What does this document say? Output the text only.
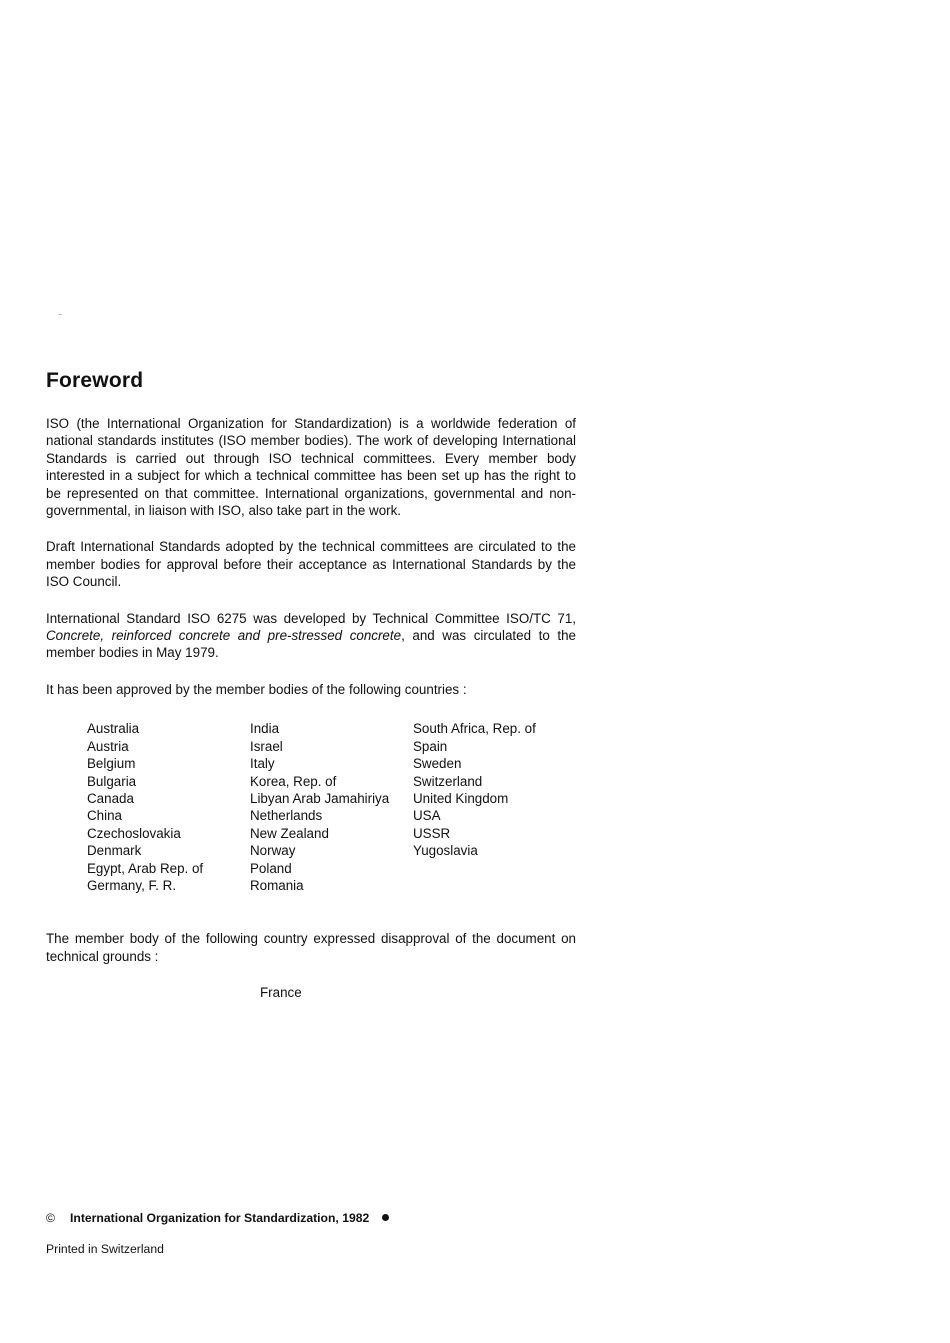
Foreword

ISO (the International Organization for Standardization) is a worldwide federation of national standards institutes (ISO member bodies). The work of developing International Standards is carried out through ISO technical committees. Every member body interested in a subject for which a technical committee has been set up has the right to be represented on that committee. International organizations, governmental and non-governmental, in liaison with ISO, also take part in the work.

Draft International Standards adopted by the technical committees are circulated to the member bodies for approval before their acceptance as International Standards by the ISO Council.

International Standard ISO 6275 was developed by Technical Committee ISO/TC 71, Concrete, reinforced concrete and pre-stressed concrete, and was circulated to the member bodies in May 1979.

It has been approved by the member bodies of the following countries :

Australia
Austria
Belgium
Bulgaria
Canada
China
Czechoslovakia
Denmark
Egypt, Arab Rep. of
Germany, F. R.
India
Israel
Italy
Korea, Rep. of
Libyan Arab Jamahiriya
Netherlands
New Zealand
Norway
Poland
Romania
South Africa, Rep. of
Spain
Sweden
Switzerland
United Kingdom
USA
USSR
Yugoslavia

The member body of the following country expressed disapproval of the document on technical grounds :

France

© International Organization for Standardization, 1982
Printed in Switzerland
